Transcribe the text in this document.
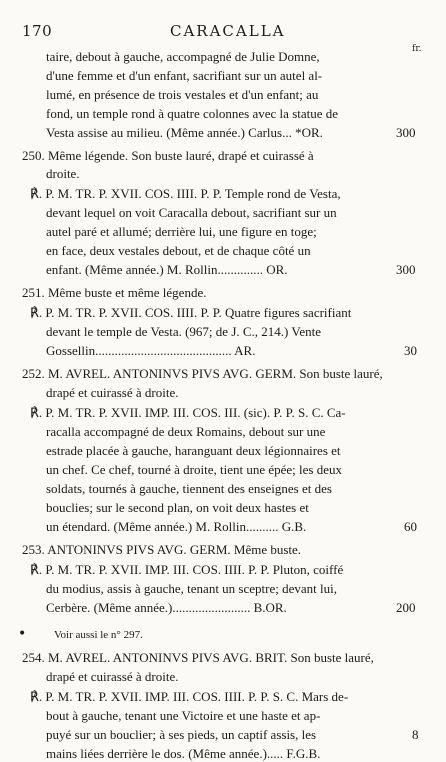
170	CARACALLA
fr.
taire, debout à gauche, accompagné de Julie Domne,
d'une femme et d'un enfant, sacrifiant sur un autel al-
lumé, en présence de trois vestales et d'un enfant; au
fond, un temple rond à quatre colonnes avec la statue de
Vesta assise au milieu. (Même année.) Carlus... *OR.
250. Même légende. Son buste lauré, drapé et cuirassé à
droite.
℟. P. M. TR. P. XVII. COS. IIII. P. P. Temple rond de Vesta,
devant lequel on voit Caracalla debout, sacrifiant sur un
autel paré et allumé; derrière lui, une figure en toge;
en face, deux vestales debout, et de chaque côté un
enfant. (Même année.) M. Rollin.............. OR.
251. Même buste et même légende.
℟. P. M. TR. P. XVII. COS. IIII. P. P. Quatre figures sacrifiant
devant le temple de Vesta. (967; de J. C., 214.) Vente
Gossellin.......................................... AR.
252. M. AVREL. ANTONINVS PIVS AVG. GERM. Son buste lauré,
drapé et cuirassé à droite.
℟. P. M. TR. P. XVII. IMP. III. COS. III. (sic). P. P. S. C. Ca-
racalla accompagné de deux Romains, debout sur une
estrade placée à gauche, haranguant deux légionnaires et
un chef. Ce chef, tourné à droite, tient une épée; les deux
soldats, tournés à gauche, tiennent des enseignes et des
bouclies; sur le second plan, on voit deux hastes et
un étendard. (Même année.) M. Rollin.......... G.B.
253. ANTONINVS PIVS AVG. GERM. Même buste.
℟. P. M. TR. P. XVII. IMP. III. COS. IIII. P. P. Pluton, coiffé
du modius, assis à gauche, tenant un sceptre; devant lui,
Cerbère. (Même année.)........................ B.OR.
Voir aussi le n° 297.
•
254. M. AVREL. ANTONINVS PIVS AVG. BRIT. Son buste lauré,
drapé et cuirassé à droite.
℟. P. M. TR. P. XVII. IMP. III. COS. IIII. P. P. S. C. Mars de-
bout à gauche, tenant une Victoire et une haste et ap-
puyé sur un bouclier; à ses pieds, un captif assis, les
mains liées derrière le dos. (Même année.)..... F.G.B.
300
300
30
60
200
8
